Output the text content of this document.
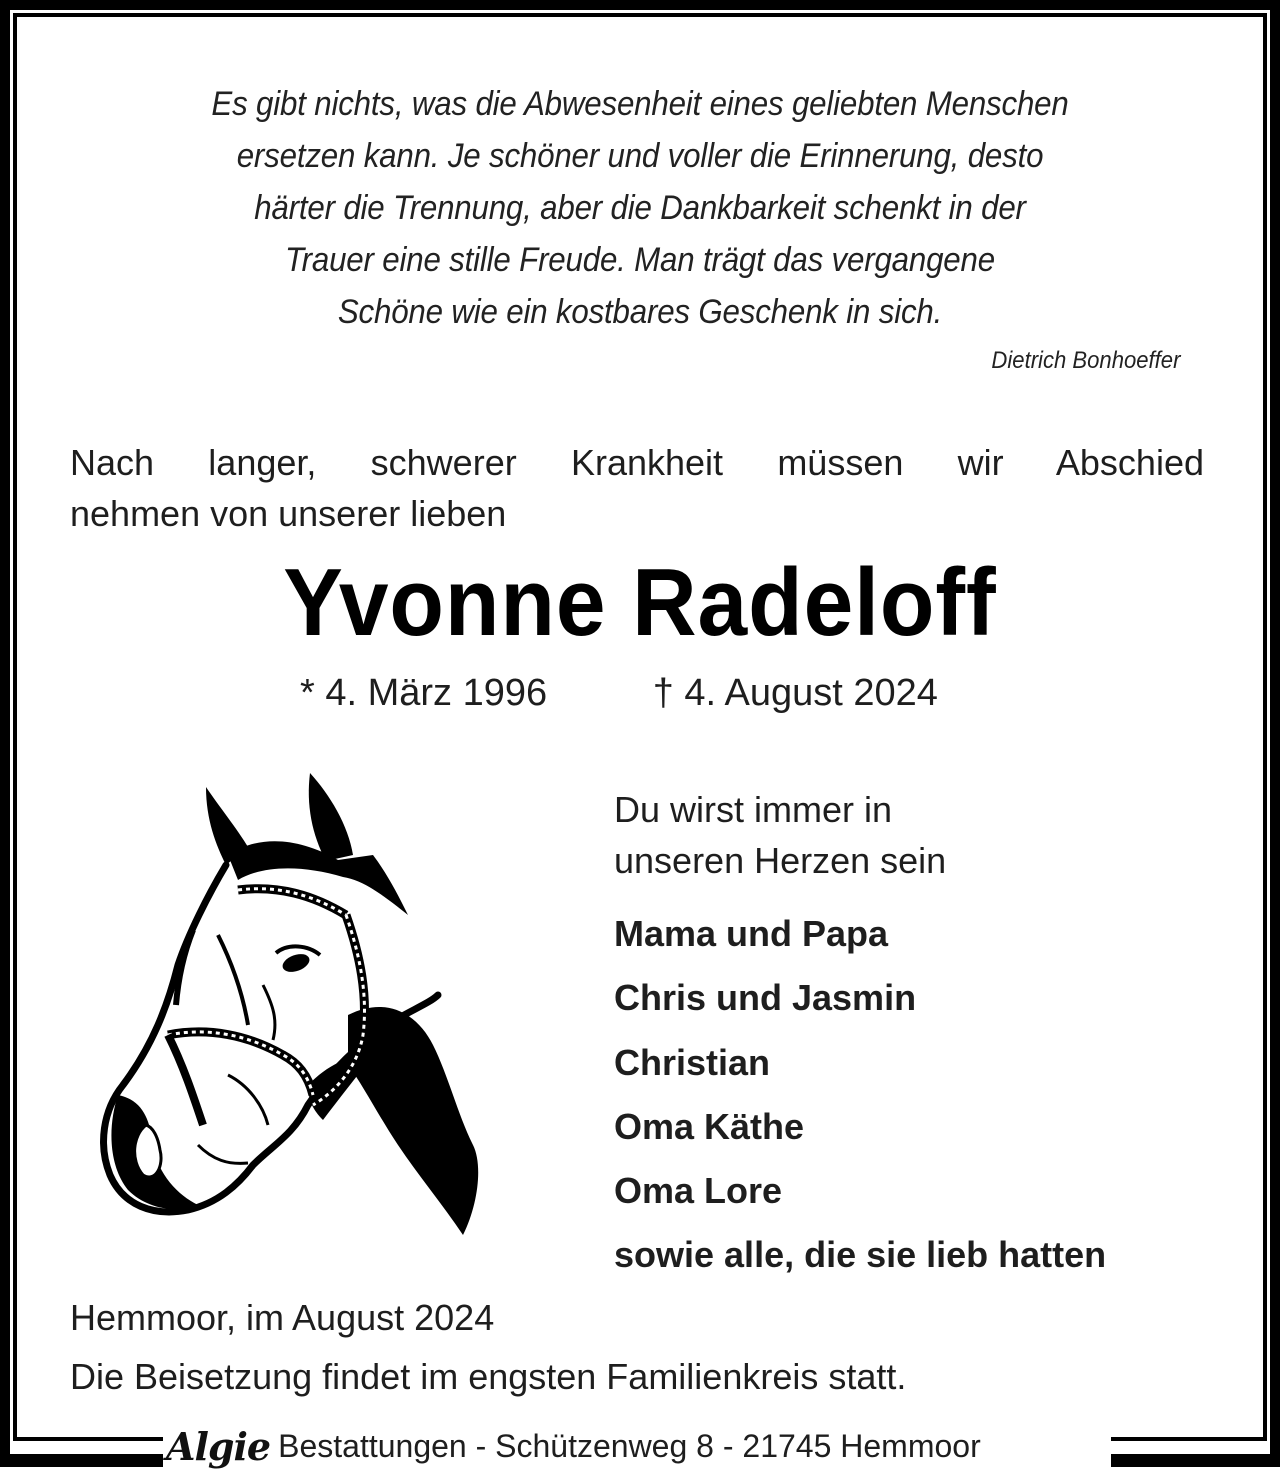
Es gibt nichts, was die Abwesenheit eines geliebten Menschen
ersetzen kann. Je schöner und voller die Erinnerung, desto
härter die Trennung, aber die Dankbarkeit schenkt in der
Trauer eine stille Freude. Man trägt das vergangene
Schöne wie ein kostbares Geschenk in sich.
Dietrich Bonhoeffer
Nach langer, schwerer Krankheit müssen wir Abschied
nehmen von unserer lieben
Yvonne Radeloff
* 4. März 1996	† 4. August 2024
Du wirst immer in
unseren Herzen sein
Mama und Papa
Chris und Jasmin
Christian
Oma Käthe
Oma Lore
sowie alle, die sie lieb hatten
Hemmoor, im August 2024
Die Beisetzung findet im engsten Familienkreis statt.
Algie Bestattungen - Schützenweg 8 - 21745 Hemmoor
